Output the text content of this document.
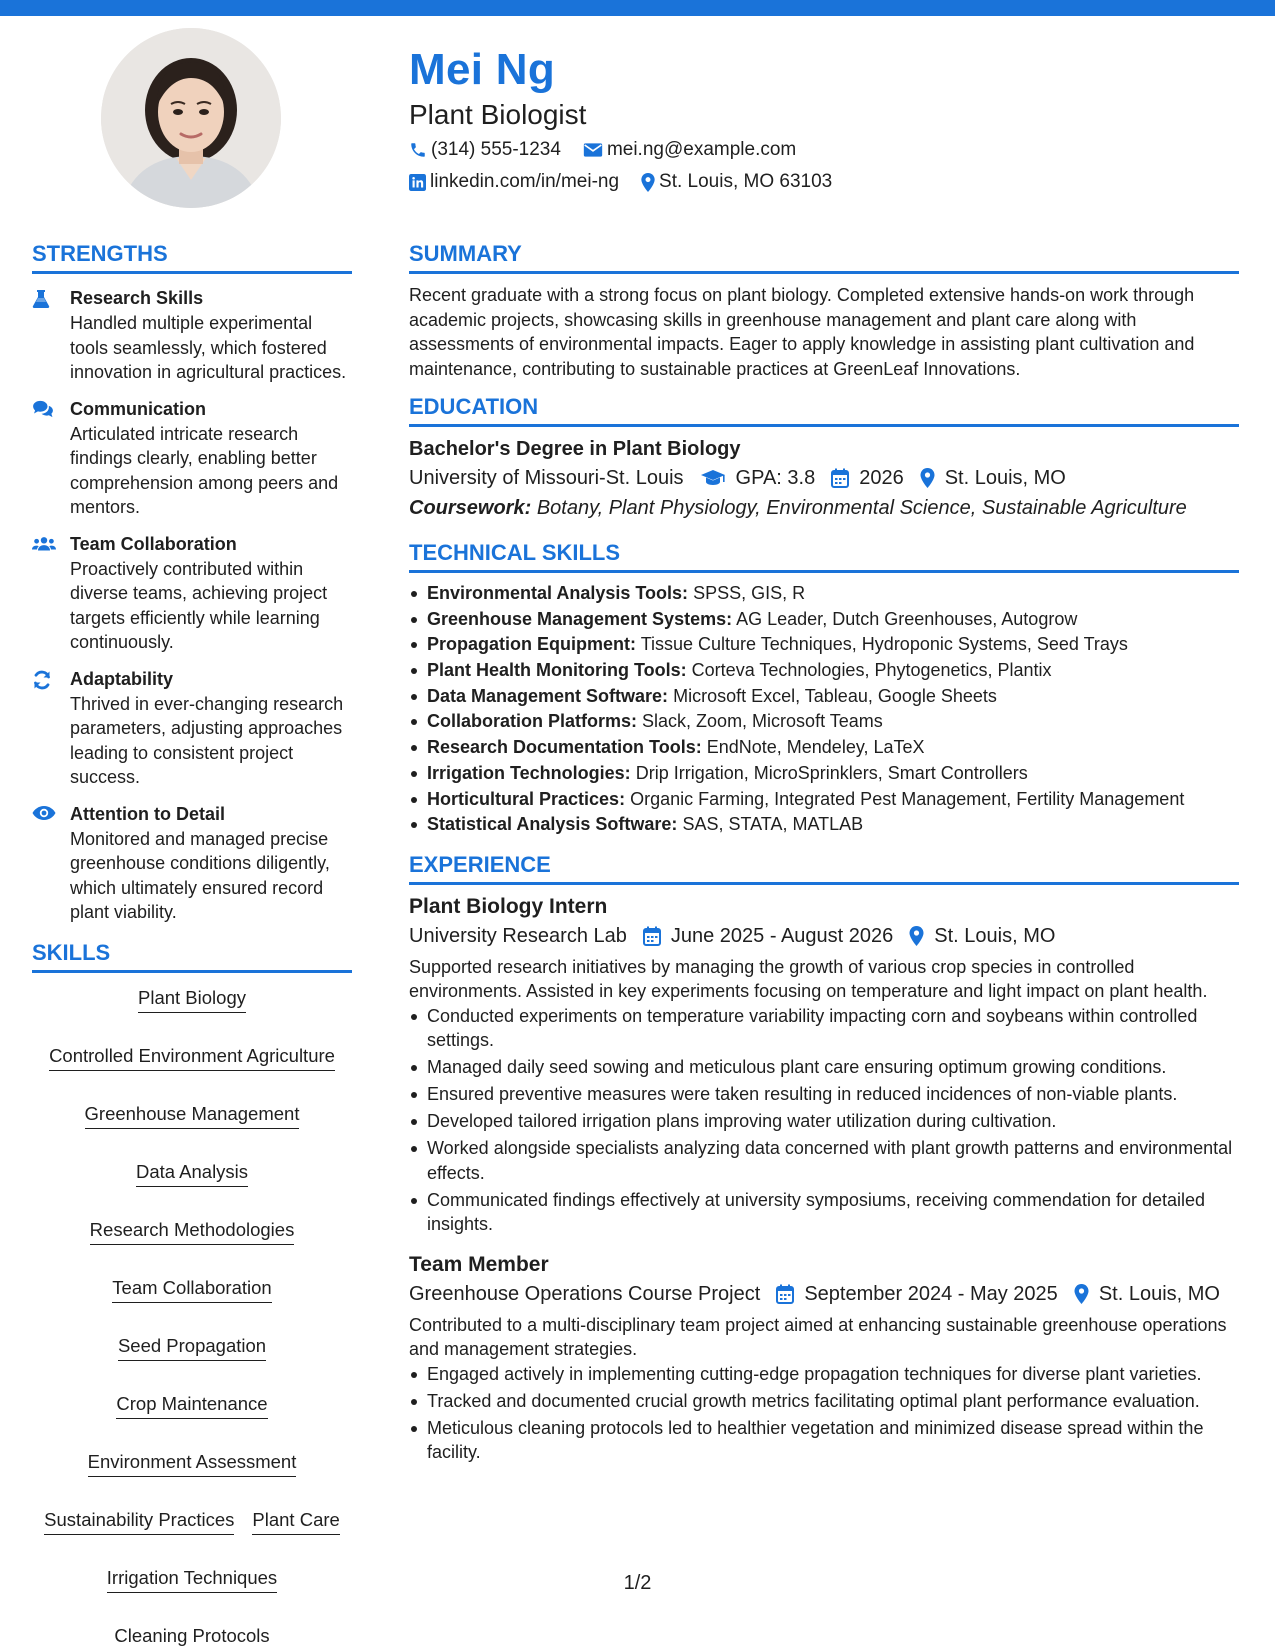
Mei Ng
Plant Biologist
(314) 555-1234 mei.ng@example.com
linkedin.com/in/mei-ng St. Louis, MO 63103
STRENGTHS
Research Skills
Handled multiple experimental tools seamlessly, which fostered innovation in agricultural practices.
Communication
Articulated intricate research findings clearly, enabling better comprehension among peers and mentors.
Team Collaboration
Proactively contributed within diverse teams, achieving project targets efficiently while learning continuously.
Adaptability
Thrived in ever-changing research parameters, adjusting approaches leading to consistent project success.
Attention to Detail
Monitored and managed precise greenhouse conditions diligently, which ultimately ensured record plant viability.
SKILLS
Plant Biology
Controlled Environment Agriculture
Greenhouse Management
Data Analysis
Research Methodologies
Team Collaboration
Seed Propagation
Crop Maintenance
Environment Assessment
Sustainability Practices Plant Care
Irrigation Techniques
Cleaning Protocols
SUMMARY

Recent graduate with a strong focus on plant biology. Completed extensive hands-on work through academic projects, showcasing skills in greenhouse management and plant care along with assessments of environmental impacts. Eager to apply knowledge in assisting plant cultivation and maintenance, contributing to sustainable practices at GreenLeaf Innovations.

EDUCATION
Bachelor's Degree in Plant Biology
University of Missouri-St. Louis	GPA: 3.8 2026 St. Louis, MO
Coursework: Botany, Plant Physiology, Environmental Science, Sustainable Agriculture
TECHNICAL SKILLS
Environmental Analysis Tools: SPSS, GIS, R
Greenhouse Management Systems: AG Leader, Dutch Greenhouses, Autogrow
Propagation Equipment: Tissue Culture Techniques, Hydroponic Systems, Seed Trays
Plant Health Monitoring Tools: Corteva Technologies, Phytogenetics, Plantix
Data Management Software: Microsoft Excel, Tableau, Google Sheets
Collaboration Platforms: Slack, Zoom, Microsoft Teams
Research Documentation Tools: EndNote, Mendeley, LaTeX
Irrigation Technologies: Drip Irrigation, MicroSprinklers, Smart Controllers
Horticultural Practices: Organic Farming, Integrated Pest Management, Fertility Management
Statistical Analysis Software: SAS, STATA, MATLAB
EXPERIENCE
Plant Biology Intern
University Research Lab June 2025 - August 2026 St. Louis, MO

Supported research initiatives by managing the growth of various crop species in controlled environments. Assisted in key experiments focusing on temperature and light impact on plant health.

Conducted experiments on temperature variability impacting corn and soybeans within controlled settings.
Managed daily seed sowing and meticulous plant care ensuring optimum growing conditions.
Ensured preventive measures were taken resulting in reduced incidences of non-viable plants.
Developed tailored irrigation plans improving water utilization during cultivation.
Worked alongside specialists analyzing data concerned with plant growth patterns and environmental effects.
Communicated findings effectively at university symposiums, receiving commendation for detailed insights.
Team Member
Greenhouse Operations Course Project September 2024 - May 2025 St. Louis, MO

Contributed to a multi-disciplinary team project aimed at enhancing sustainable greenhouse operations and management strategies.

Engaged actively in implementing cutting-edge propagation techniques for diverse plant varieties.
Tracked and documented crucial growth metrics facilitating optimal plant performance evaluation.
Meticulous cleaning protocols led to healthier vegetation and minimized disease spread within the facility.
1/2
